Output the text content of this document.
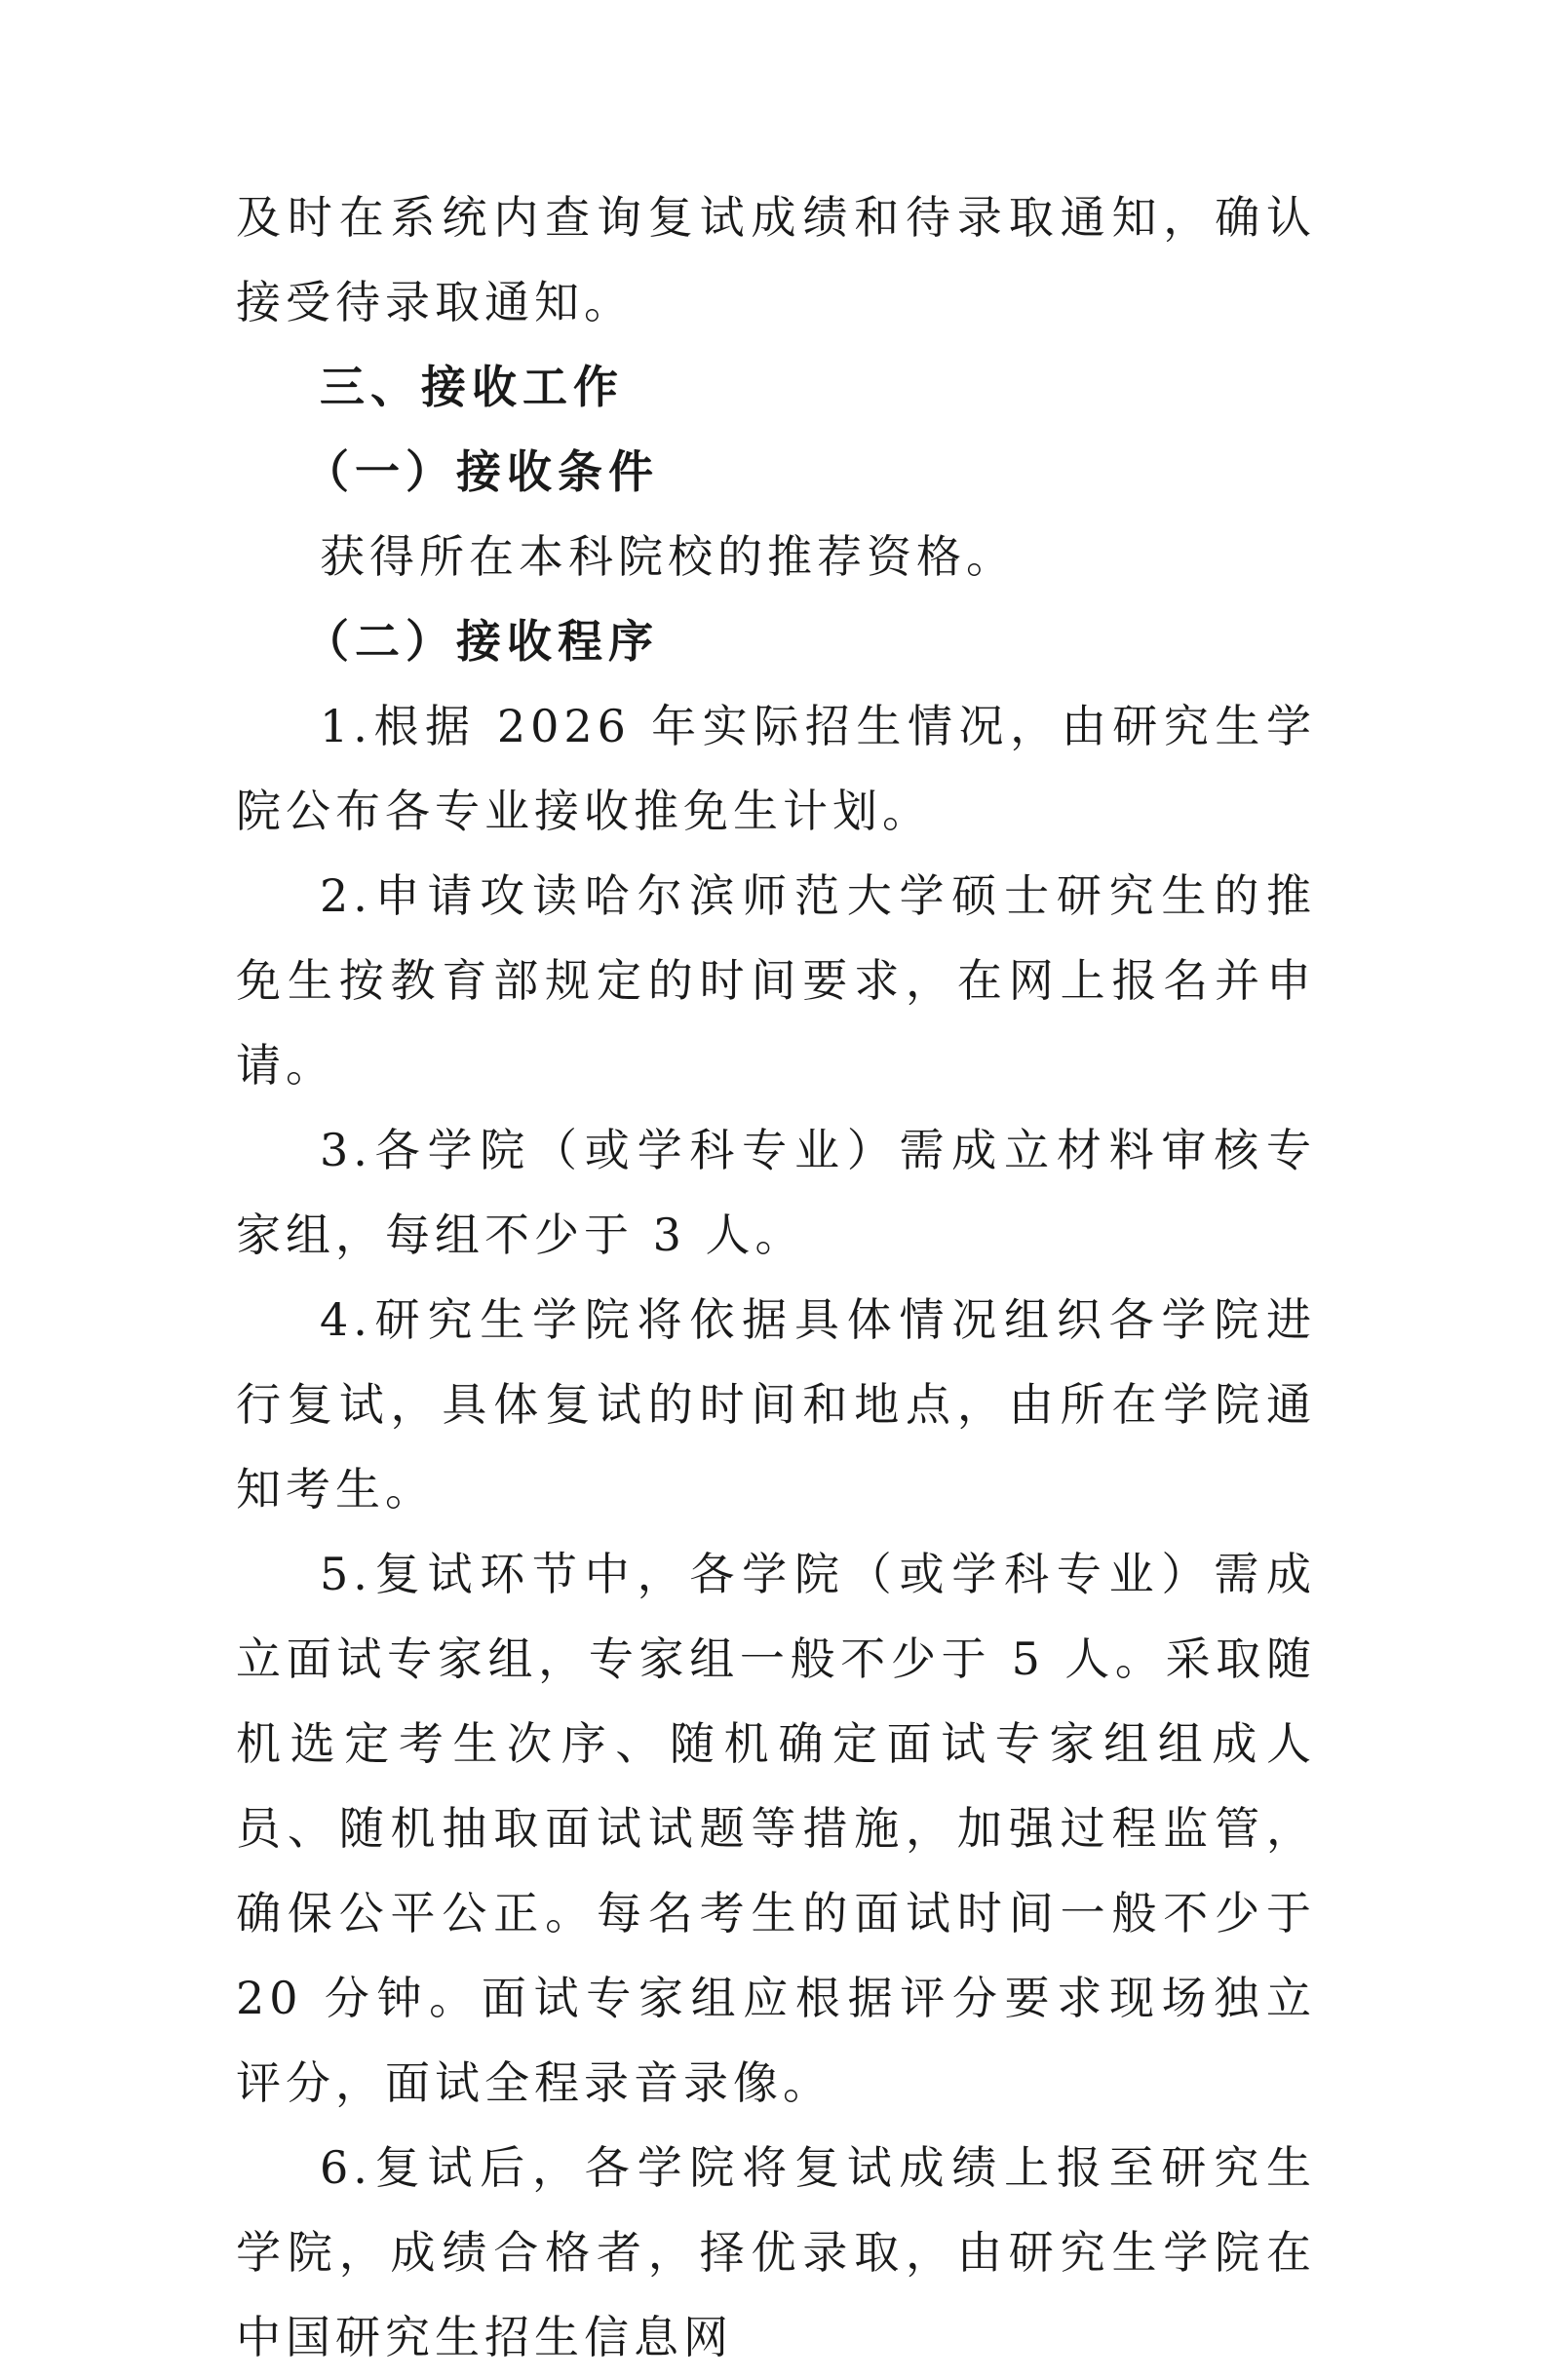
及时在系统内查询复试成绩和待录取通知，确认接受待录取通知。

三、接收工作

（一）接收条件

获得所在本科院校的推荐资格。

（二）接收程序

1.根据 2026 年实际招生情况，由研究生学院公布各专业接收推免生计划。

2.申请攻读哈尔滨师范大学硕士研究生的推免生按教育部规定的时间要求，在网上报名并申请。

3.各学院（或学科专业）需成立材料审核专家组，每组不少于 3 人。

4.研究生学院将依据具体情况组织各学院进行复试，具体复试的时间和地点，由所在学院通知考生。

5.复试环节中，各学院（或学科专业）需成立面试专家组，专家组一般不少于 5 人。采取随机选定考生次序、随机确定面试专家组组成人员、随机抽取面试试题等措施，加强过程监管，确保公平公正。每名考生的面试时间一般不少于 20 分钟。面试专家组应根据评分要求现场独立评分，面试全程录音录像。

6.复试后，各学院将复试成绩上报至研究生学院，成绩合格者，择优录取，由研究生学院在中国研究生招生信息网
